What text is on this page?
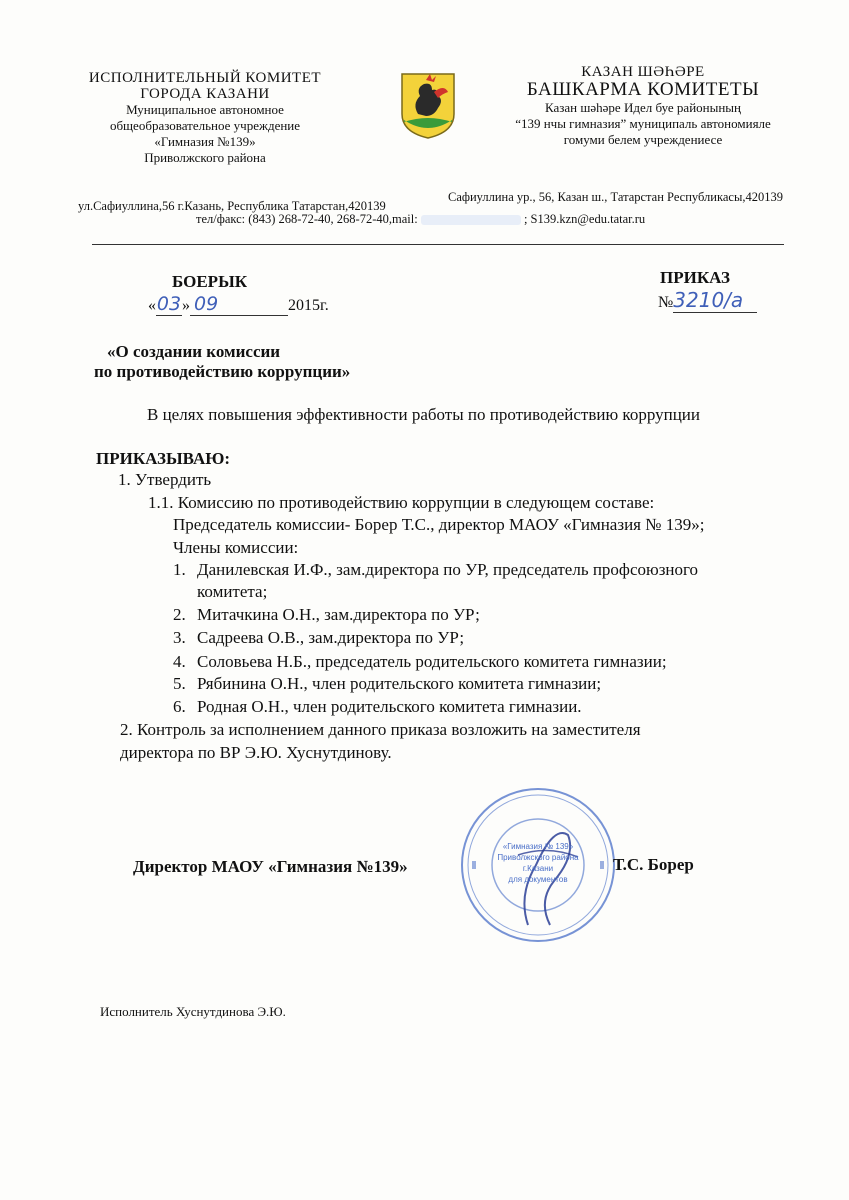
ИСПОЛНИТЕЛЬНЫЙ КОМИТЕТ
ГОРОДА КАЗАНИ
Муниципальное автономное
общеобразовательное учреждение
«Гимназия №139»
Приволжского района
КАЗАН ШӘҺӘРЕ
БАШКАРМА КОМИТЕТЫ
Казан шәһәре Идел буе районының
“139 нчы гимназия” муниципаль автономияле
гомуми белем учреждениесе
ул.Сафиуллина,56 г.Казань, Республика Татарстан,420139
Сафиуллина ур., 56, Казан ш., Татарстан Республикасы,420139
тел/факс: (843) 268-72-40, 268-72-40,mail:	; S139.kzn@edu.tatar.ru
БОЕРЫК	ПРИКАЗ
«03» 09	2015г.	№3210/а
«О создании комиссии
по противодействию коррупции»
В целях повышения эффективности работы по противодействию коррупции
ПРИКАЗЫВАЮ:
1. Утвердить
1.1. Комиссию по противодействию коррупции в следующем составе:
Председатель комиссии- Борер Т.С., директор МАОУ «Гимназия № 139»;
Члены комиссии:
1. Данилевская И.Ф., зам.директора по УР, председатель профсоюзного
комитета;
2. Митачкина О.Н., зам.директора по УР;
3. Садреева О.В., зам.директора по УР;
4. Соловьева Н.Б., председатель родительского комитета гимназии;
5. Рябинина О.Н., член родительского комитета гимназии;
6. Родная О.Н., член родительского комитета гимназии.
2. Контроль за исполнением данного приказа возложить на заместителя
директора по ВР Э.Ю. Хуснутдинову.
«Гимназия № 139»
Приволжского района
г.Казани
для документов
Директор МАОУ «Гимназия №139»	Т.С. Борер
Исполнитель Хуснутдинова Э.Ю.
